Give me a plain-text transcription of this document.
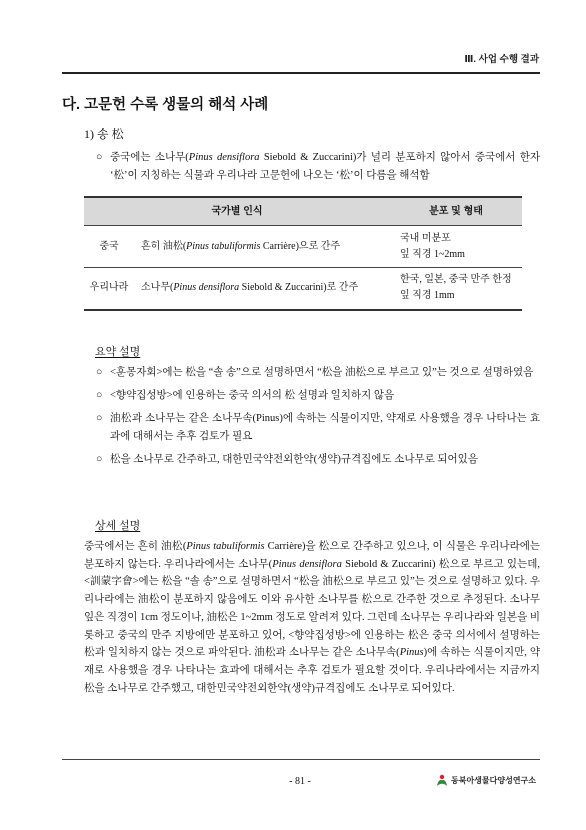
Ⅲ. 사업 수행 결과
다. 고문헌 수록 생물의 해석 사례
1) 송 松
○ 중국에는 소나무(Pinus densiflora Siebold & Zuccarini)가 널리 분포하지 않아서 중국에서 한자 ‘松’이 지칭하는 식물과 우리나라 고문헌에 나오는 ‘松’이 다름을 해석함
국가별 인식		분포 및 형태
중국	흔히 油松(Pinus tabuliformis Carrière)으로 간주	국내 미분포
잎 직경 1~2mm

우리나라	소나무(Pinus densiflora Siebold & Zuccarini)로 간주	한국, 일본, 중국 만주 한정
잎 직경 1mm
요약 설명
○ <훈몽자회>에는 松을 “솔 송”으로 설명하면서 “松을 油松으로 부르고 있”는 것으로 설명하였음
○ <향약집성방>에 인용하는 중국 의서의 松 설명과 일치하지 않음
○ 油松과 소나무는 같은 소나무속(Pinus)에 속하는 식물이지만, 약재로 사용했을 경우 나타나는 효과에 대해서는 추후 검토가 필요
○ 松을 소나무로 간주하고, 대한민국약전외한약(생약)규격집에도 소나무로 되어있음
상세 설명

중국에서는 흔히 油松(Pinus tabuliformis Carrière)을 松으로 간주하고 있으나, 이 식물은 우리나라에는 분포하지 않는다. 우리나라에서는 소나무(Pinus densiflora Siebold & Zuccarini) 松으로 부르고 있는데, <訓蒙字會>에는 松을 “솔 송”으로 설명하면서 “松을 油松으로 부르고 있”는 것으로 설명하고 있다. 우리나라에는 油松이 분포하지 않음에도 이와 유사한 소나무를 松으로 간주한 것으로 추정된다. 소나무 잎은 직경이 1cm 정도이나, 油松은 1~2mm 정도로 알려져 있다. 그런데 소나무는 우리나라와 일본을 비롯하고 중국의 만주 지방에만 분포하고 있어, <향약집성방>에 인용하는 松은 중국 의서에서 설명하는 松과 일치하지 않는 것으로 파악된다. 油松과 소나무는 같은 소나무속(Pinus)에 속하는 식물이지만, 약재로 사용했을 경우 나타나는 효과에 대해서는 추후 검토가 필요할 것이다. 우리나라에서는 지금까지 松을 소나무로 간주했고, 대한민국약전외한약(생약)규격집에도 소나무로 되어있다.

- 81 -	동북아생물다양성연구소
